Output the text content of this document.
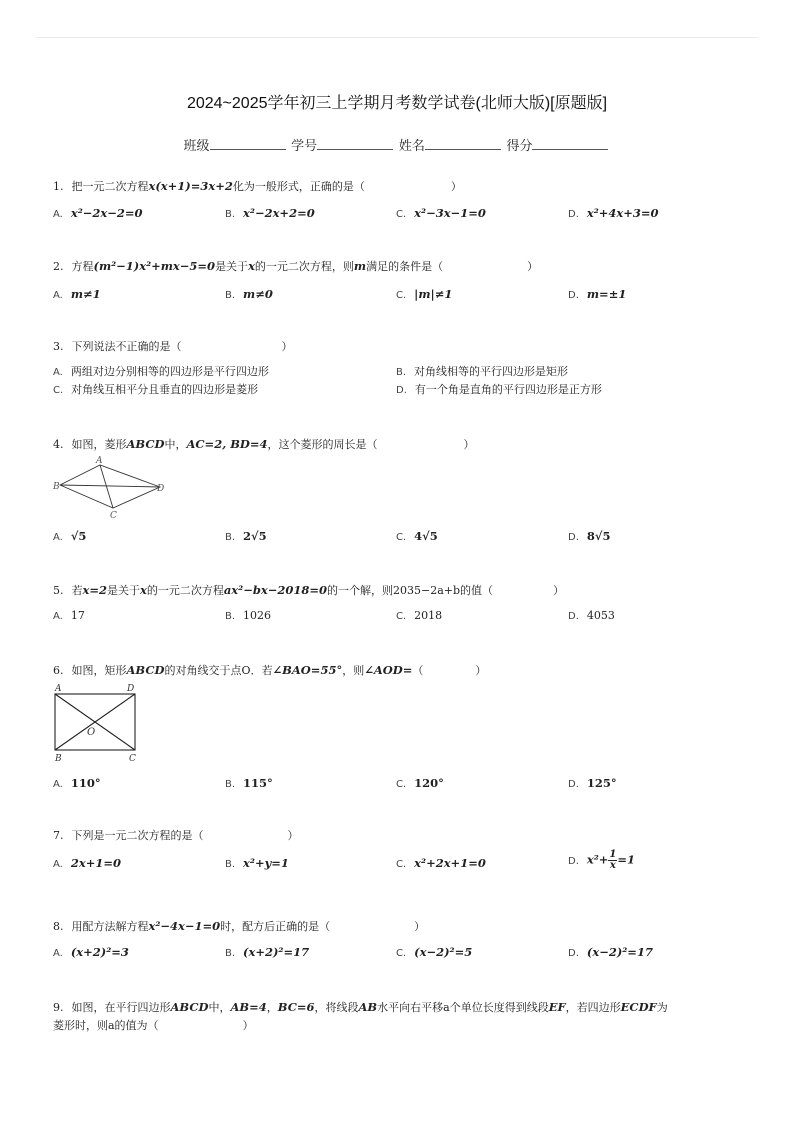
2024~2025学年初三上学期月考数学试卷(北师大版)[原题版]
班级	学号	姓名	得分
1. 把一元二次方程x(x+1)=3x+2化为一般形式，正确的是（	）
A. x²−2x−2=0	B. x²−2x+2=0	C. x²−3x−1=0	D. x²+4x+3=0
2. 方程(m²−1)x²+mx−5=0是关于x的一元二次方程，则m满足的条件是（	）
A. m≠1	B. m≠0	C. |m|≠1	D. m=±1
3. 下列说法不正确的是（	）
A. 两组对边分别相等的四边形是平行四边形	B. 对角线相等的平行四边形是矩形
C. 对角线互相平分且垂直的四边形是菱形	D. 有一个角是直角的平行四边形是正方形
4. 如图，菱形ABCD中，AC=2, BD=4，这个菱形的周长是（	）
A
B
C
D
A. √5	B. 2√5	C. 4√5	D. 8√5
5. 若x=2是关于x的一元二次方程ax²−bx−2018=0的一个解，则2035−2a+b的值（	）
A. 17	B. 1026	C. 2018	D. 4053
6. 如图，矩形ABCD的对角线交于点O．若∠BAO=55°，则∠AOD=（	）
A	D
B	C
O
A. 110°	B. 115°	C. 120°	D. 125°
7. 下列是一元二次方程的是（	）
A. 2x+1=0	B. x²+y=1	C. x²+2x+1=0	D. $x^2+ \frac{1}{x} =1$
8. 用配方法解方程x²−4x−1=0时，配方后正确的是（	）
A. (x+2)²=3	B. (x+2)²=17	C. (x−2)²=5	D. (x−2)²=17
9. 如图，在平行四边形ABCD中，AB=4，BC=6，将线段AB水平向右平移a个单位长度得到线段EF，若四边形ECDF为
菱形时，则a的值为（	）
